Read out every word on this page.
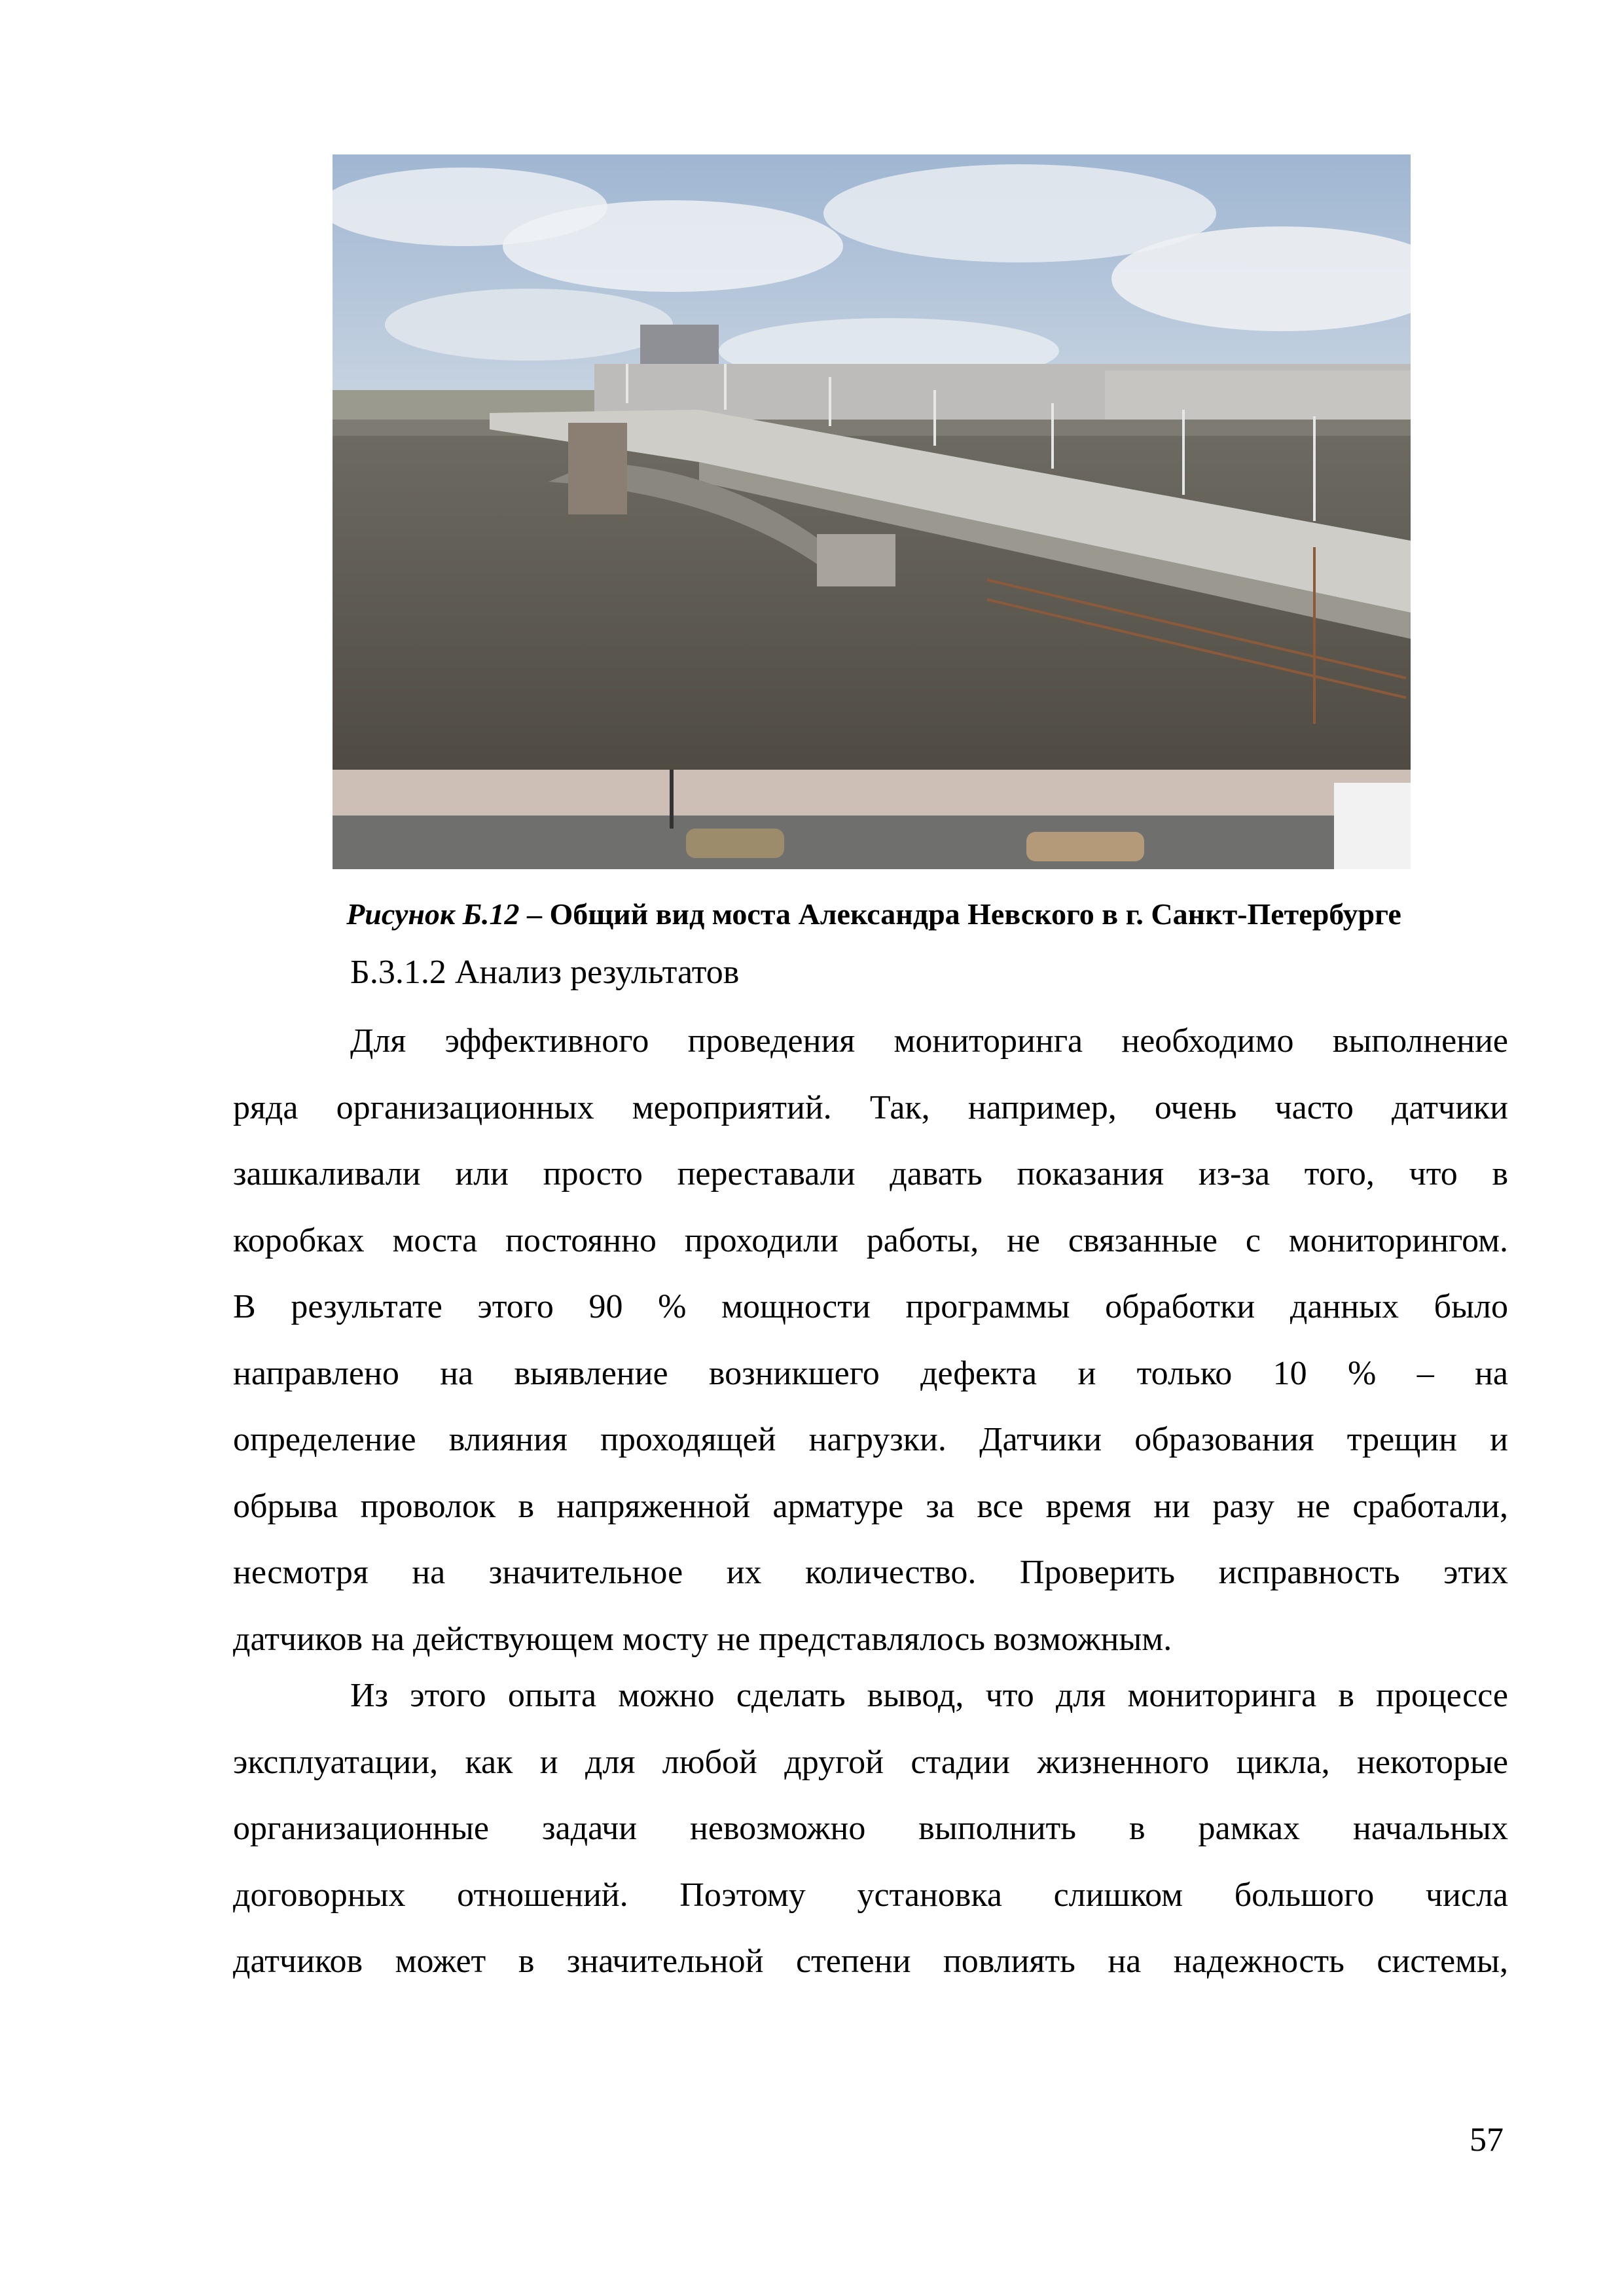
Рисунок Б.12 – Общий вид моста Александра Невского в г. Санкт-Петербурге
Б.3.1.2 Анализ результатов
Для эффективного проведения мониторинга необходимо выполнение
ряда организационных мероприятий. Так, например, очень часто датчики
зашкаливали или просто переставали давать показания из-за того, что в
коробках моста постоянно проходили работы, не связанные с мониторингом.
В результате этого 90 % мощности программы обработки данных было
направлено на выявление возникшего дефекта и только 10 % – на
определение влияния проходящей нагрузки. Датчики образования трещин и
обрыва проволок в напряженной арматуре за все время ни разу не сработали,
несмотря на значительное их количество. Проверить исправность этих
датчиков на действующем мосту не представлялось возможным.
Из этого опыта можно сделать вывод, что для мониторинга в процессе
эксплуатации, как и для любой другой стадии жизненного цикла, некоторые
организационные задачи невозможно выполнить в рамках начальных
договорных отношений. Поэтому установка слишком большого числа
датчиков может в значительной степени повлиять на надежность системы,
57
